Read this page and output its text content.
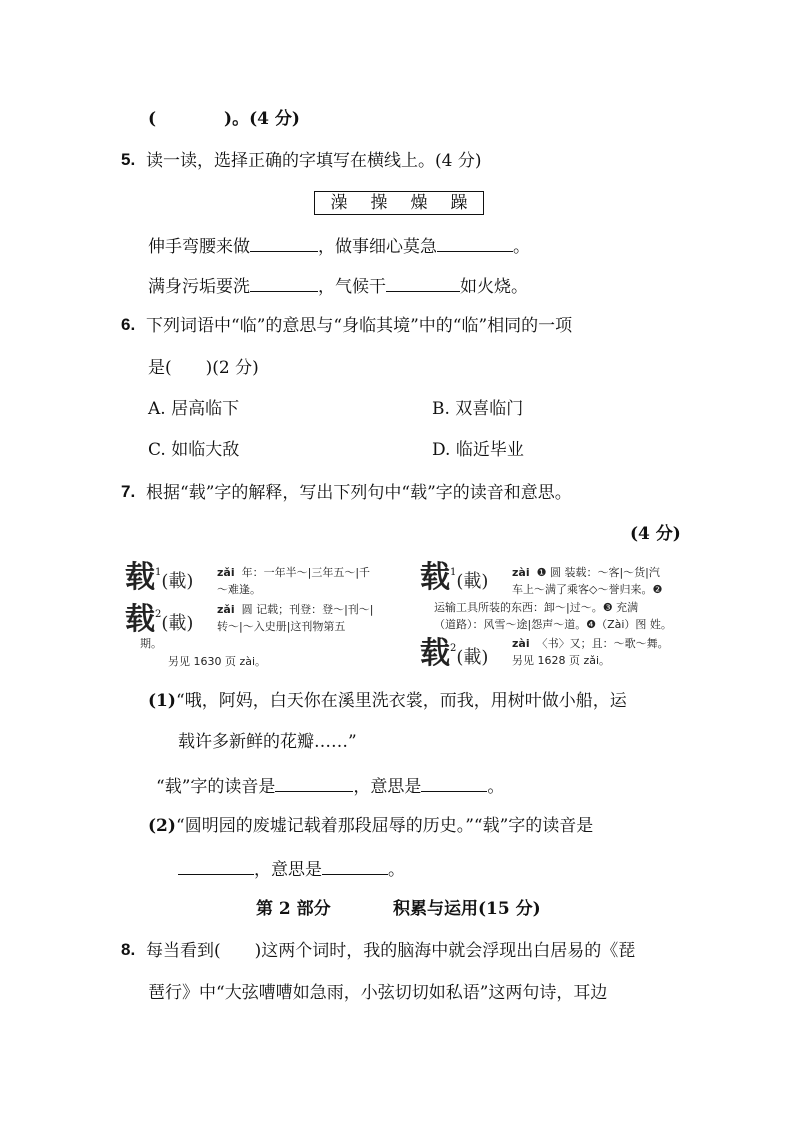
(　　　　)。(4 分)
5. 读一读，选择正确的字填写在横线上。(4 分)
澡 操 燥 躁
伸手弯腰来做	，做事细心莫急	。
满身污垢要洗	，气候干	如火烧。
6. 下列词语中“临”的意思与“身临其境”中的“临”相同的一项
是(　　)(2 分)
A. 居高临下	B. 双喜临门
C. 如临大敌	D. 临近毕业
7. 根据“载”字的解释，写出下列句中“载”字的读音和意思。
(4 分)
载$^1$(載) zǎi 年：一年半～|三年五～|千
～难逢。
载$^2$(載)
zǎi 圆 记载；刊登：登～|刊～|
转～|～入史册|这刊物第五
期。
另见 1630 页 zài。
载$^1$(載) zài ❶ 圆 装载：～客|～货|汽
车上～满了乘客◇～誉归来。❷
运输工具所装的东西：卸～|过～。❸ 充满
（道路）：风雪～途|怨声～道。❹（Zài）图 姓。
载$^2$(載)
zài 〈书〉又；且：～歌～舞。
另见 1628 页 zǎi。
(1) “哦，阿妈，白天你在溪里洗衣裳，而我，用树叶做小船，运
载许多新鲜的花瓣……”
“载”字的读音是	，意思是	。
(2) “圆明园的废墟记载着那段屈辱的历史。”“载”字的读音是
，意思是	。
第 2 部分	积累与运用(15 分)
8. 每当看到(　　)这两个词时，我的脑海中就会浮现出白居易的《琵
琶行》中“大弦嘈嘈如急雨，小弦切切如私语”这两句诗，耳边
